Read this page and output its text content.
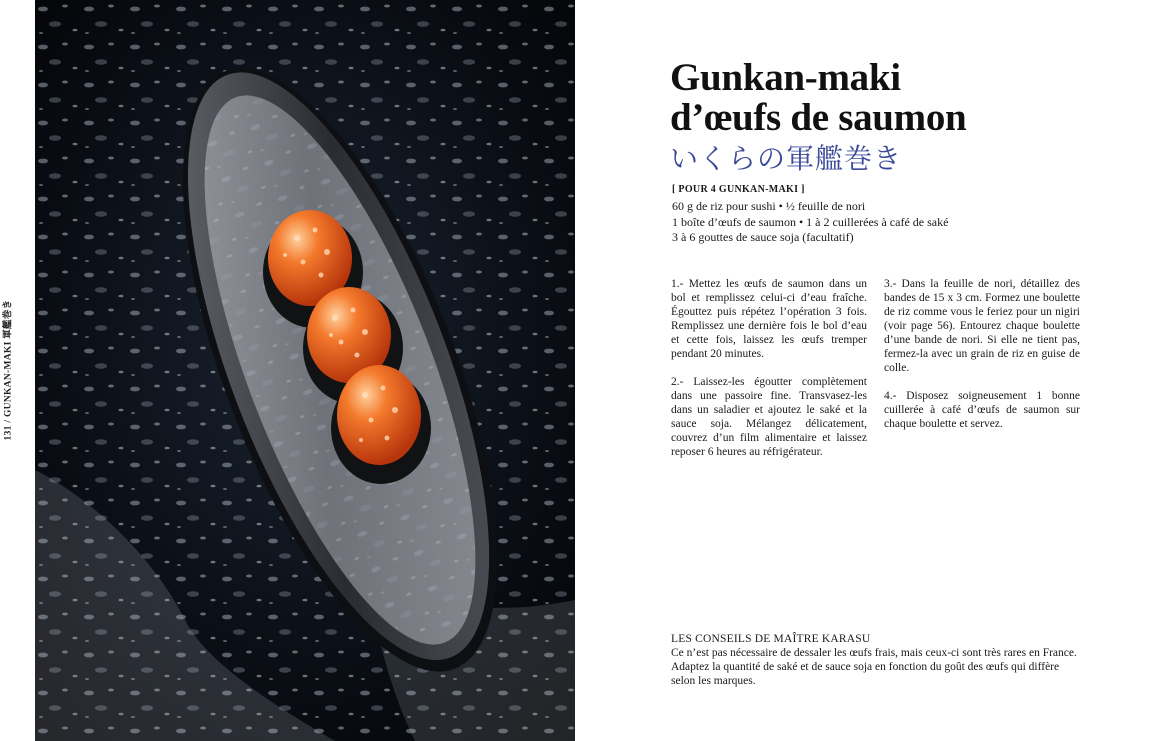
131 / GUNKAN-MAKI 軍艦巻き
Gunkan-maki
d’œufs de saumon
いくらの軍艦巻き
[ POUR 4 GUNKAN-MAKI ]
60 g de riz pour sushi • ½ feuille de nori
1 boîte d’œufs de saumon • 1 à 2 cuillerées à café de saké
3 à 6 gouttes de sauce soja (facultatif)

1.- Mettez les œufs de saumon dans un bol et remplissez celui-ci d’eau fraîche. Égouttez puis répétez l’opération 3 fois. Remplissez une dernière fois le bol d’eau et cette fois, laissez les œufs tremper pendant 20 minutes.

2.- Laissez-les égoutter complètement dans une passoire fine. Transvasez-les dans un saladier et ajoutez le saké et la sauce soja. Mélangez délicatement, couvrez d’un film alimentaire et laissez reposer 6 heures au réfrigérateur.

3.- Dans la feuille de nori, détaillez des bandes de 15 x 3 cm. Formez une boulette de riz comme vous le feriez pour un nigiri (voir page 56). Entourez chaque boulette d’une bande de nori. Si elle ne tient pas, fermez-la avec un grain de riz en guise de colle.

4.- Disposez soigneusement 1 bonne cuillerée à café d’œufs de saumon sur chaque boulette et servez.

LES CONSEILS DE MAÎTRE KARASU
Ce n’est pas nécessaire de dessaler les œufs frais, mais ceux-ci sont très rares en France. Adaptez la quantité de saké et de sauce soja en fonction du goût des œufs qui diffère selon les marques.
